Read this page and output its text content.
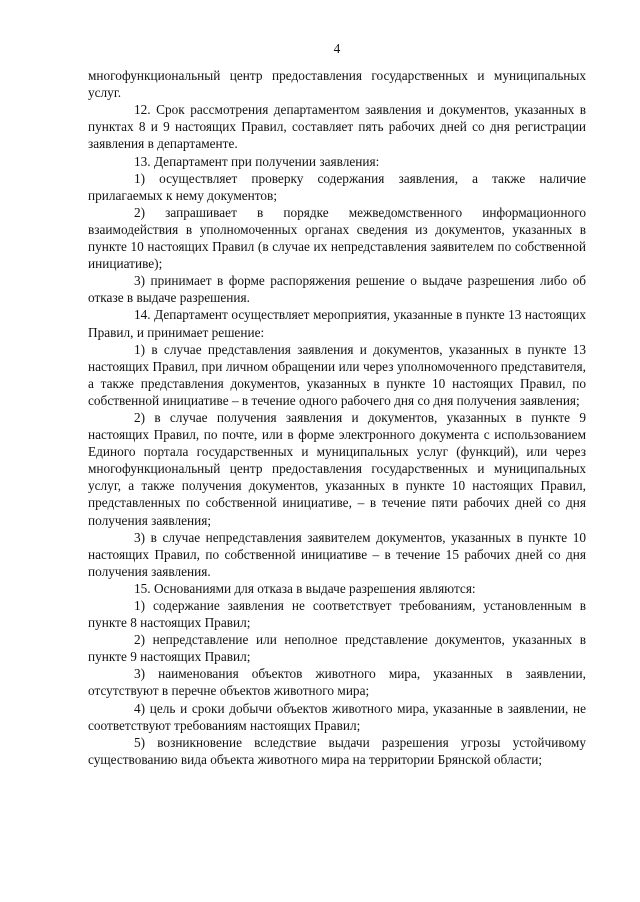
4

многофункциональный центр предоставления государственных и муниципальных услуг.

12. Срок рассмотрения департаментом заявления и документов, указанных в пунктах 8 и 9 настоящих Правил, составляет пять рабочих дней со дня регистрации заявления в департаменте.

13. Департамент при получении заявления:

1) осуществляет проверку содержания заявления, а также наличие прилагаемых к нему документов;

2) запрашивает в порядке межведомственного информационного взаимодействия в уполномоченных органах сведения из документов, указанных в пункте 10 настоящих Правил (в случае их непредставления заявителем по собственной инициативе);

3) принимает в форме распоряжения решение о выдаче разрешения либо об отказе в выдаче разрешения.

14. Департамент осуществляет мероприятия, указанные в пункте 13 настоящих Правил, и принимает решение:

1) в случае представления заявления и документов, указанных в пункте 13 настоящих Правил, при личном обращении или через уполномоченного представителя, а также представления документов, указанных в пункте 10 настоящих Правил, по собственной инициативе – в течение одного рабочего дня со дня получения заявления;

2) в случае получения заявления и документов, указанных в пункте 9 настоящих Правил, по почте, или в форме электронного документа с использованием Единого портала государственных и муниципальных услуг (функций), или через многофункциональный центр предоставления государственных и муниципальных услуг, а также получения документов, указанных в пункте 10 настоящих Правил, представленных по собственной инициативе, – в течение пяти рабочих дней со дня получения заявления;

3) в случае непредставления заявителем документов, указанных в пункте 10 настоящих Правил, по собственной инициативе – в течение 15 рабочих дней со дня получения заявления.

15. Основаниями для отказа в выдаче разрешения являются:

1) содержание заявления не соответствует требованиям, установленным в пункте 8 настоящих Правил;

2) непредставление или неполное представление документов, указанных в пункте 9 настоящих Правил;

3) наименования объектов животного мира, указанных в заявлении, отсутствуют в перечне объектов животного мира;

4) цель и сроки добычи объектов животного мира, указанные в заявлении, не соответствуют требованиям настоящих Правил;

5) возникновение вследствие выдачи разрешения угрозы устойчивому существованию вида объекта животного мира на территории Брянской области;
